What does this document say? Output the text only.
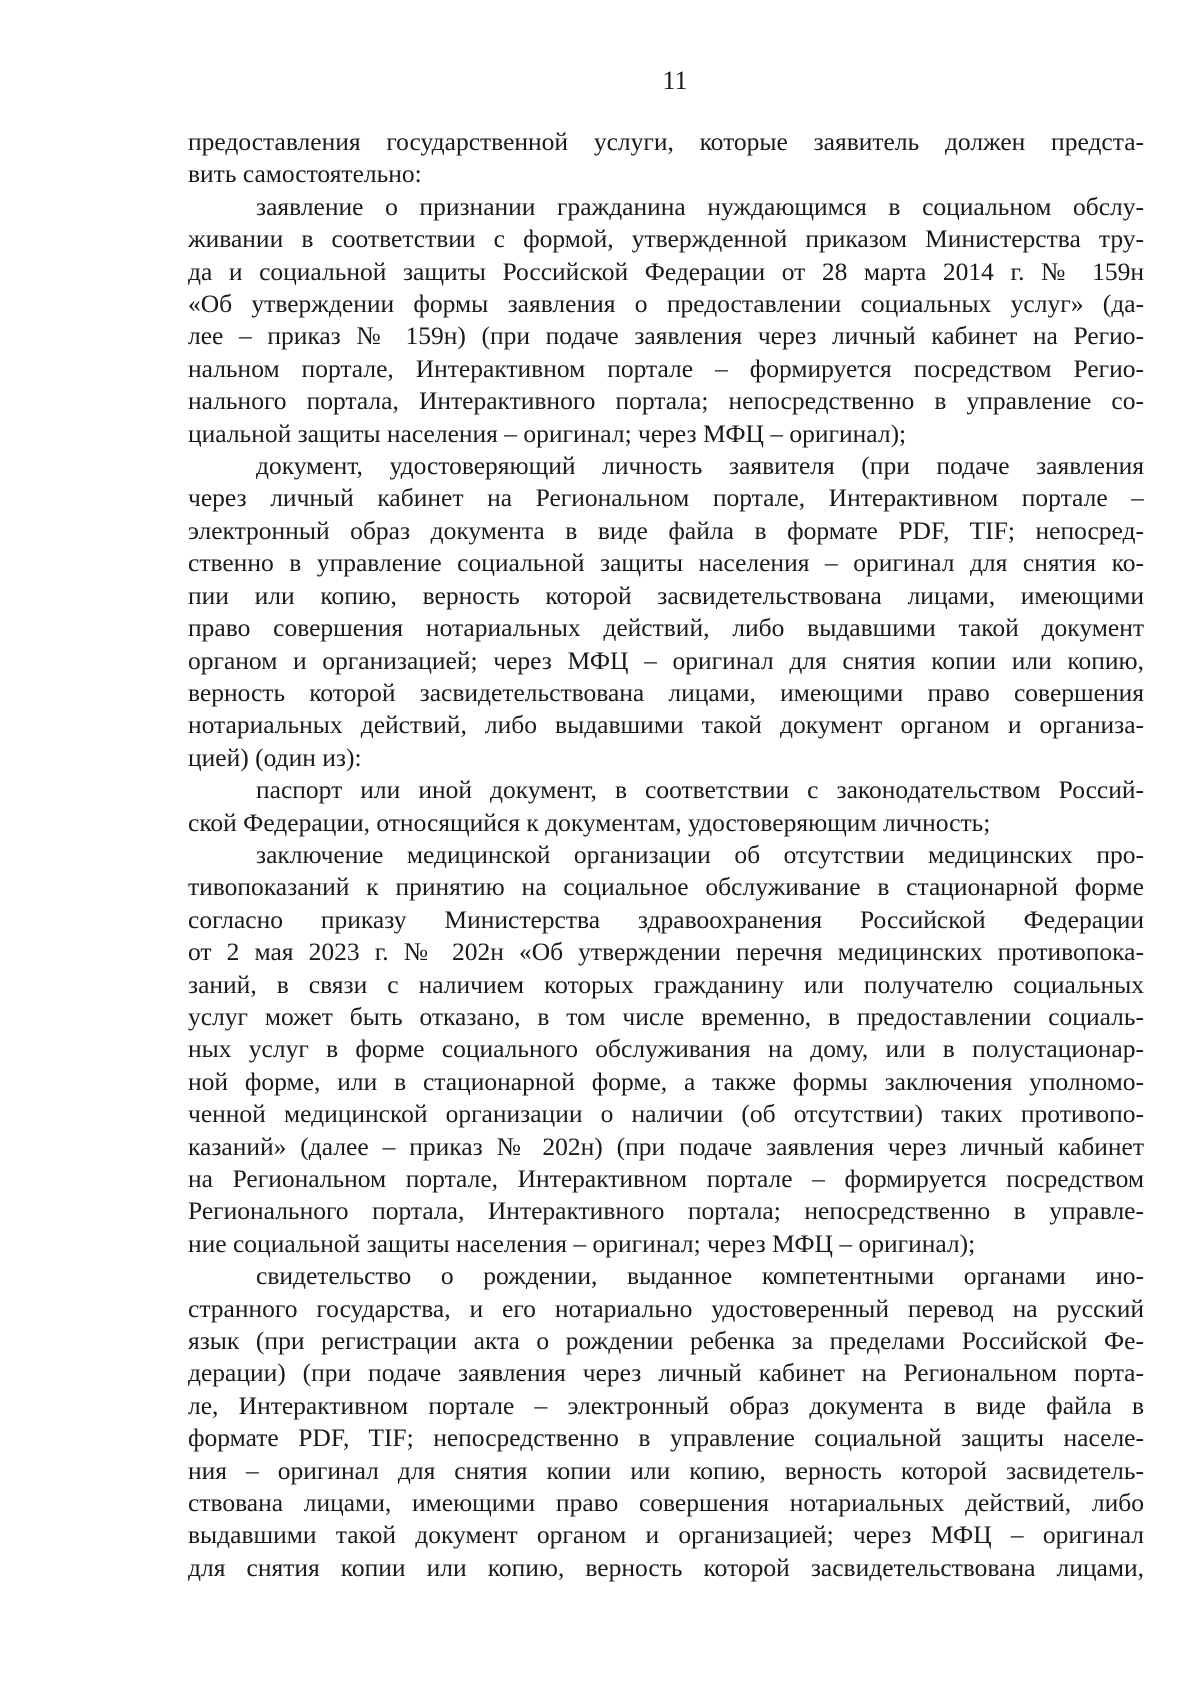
11
предоставления государственной услуги, которые заявитель должен предста-
вить самостоятельно:
заявление о признании гражданина нуждающимся в социальном обслу-
живании в соответствии с формой, утвержденной приказом Министерства тру-
да и социальной защиты Российской Федерации от 28 марта 2014 г. № 159н
«Об утверждении формы заявления о предоставлении социальных услуг» (да-
лее – приказ № 159н) (при подаче заявления через личный кабинет на Регио-
нальном портале, Интерактивном портале – формируется посредством Регио-
нального портала, Интерактивного портала; непосредственно в управление со-
циальной защиты населения – оригинал; через МФЦ – оригинал);
документ, удостоверяющий личность заявителя (при подаче заявления
через личный кабинет на Региональном портале, Интерактивном портале –
электронный образ документа в виде файла в формате PDF, TIF; непосред-
ственно в управление социальной защиты населения – оригинал для снятия ко-
пии или копию, верность которой засвидетельствована лицами, имеющими
право совершения нотариальных действий, либо выдавшими такой документ
органом и организацией; через МФЦ – оригинал для снятия копии или копию,
верность которой засвидетельствована лицами, имеющими право совершения
нотариальных действий, либо выдавшими такой документ органом и организа-
цией) (один из):
паспорт или иной документ, в соответствии с законодательством Россий-
ской Федерации, относящийся к документам, удостоверяющим личность;
заключение медицинской организации об отсутствии медицинских про-
тивопоказаний к принятию на социальное обслуживание в стационарной форме
согласно приказу Министерства здравоохранения Российской Федерации
от 2 мая 2023 г. № 202н «Об утверждении перечня медицинских противопока-
заний, в связи с наличием которых гражданину или получателю социальных
услуг может быть отказано, в том числе временно, в предоставлении социаль-
ных услуг в форме социального обслуживания на дому, или в полустационар-
ной форме, или в стационарной форме, а также формы заключения уполномо-
ченной медицинской организации о наличии (об отсутствии) таких противопо-
казаний» (далее – приказ № 202н) (при подаче заявления через личный кабинет
на Региональном портале, Интерактивном портале – формируется посредством
Регионального портала, Интерактивного портала; непосредственно в управле-
ние социальной защиты населения – оригинал; через МФЦ – оригинал);
свидетельство о рождении, выданное компетентными органами ино-
странного государства, и его нотариально удостоверенный перевод на русский
язык (при регистрации акта о рождении ребенка за пределами Российской Фе-
дерации) (при подаче заявления через личный кабинет на Региональном порта-
ле, Интерактивном портале – электронный образ документа в виде файла в
формате PDF, TIF; непосредственно в управление социальной защиты населе-
ния – оригинал для снятия копии или копию, верность которой засвидетель-
ствована лицами, имеющими право совершения нотариальных действий, либо
выдавшими такой документ органом и организацией; через МФЦ – оригинал
для снятия копии или копию, верность которой засвидетельствована лицами,
